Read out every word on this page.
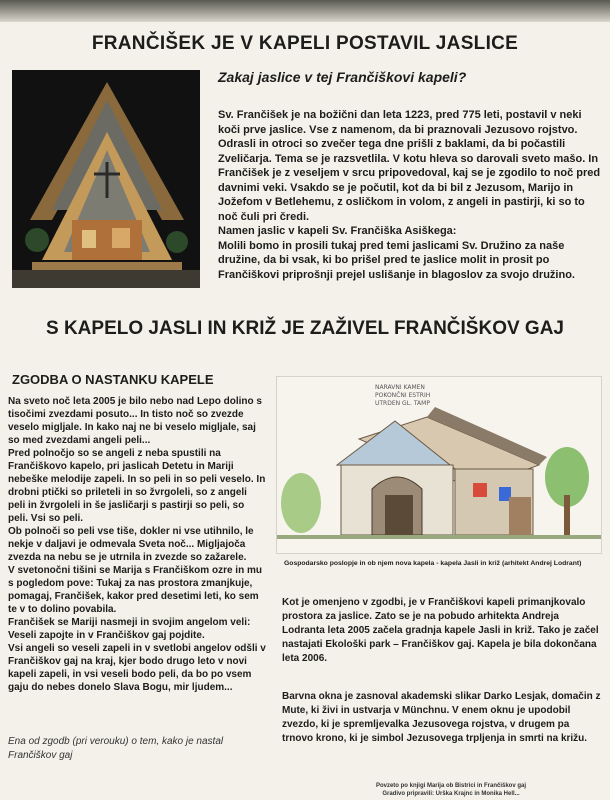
FRANČIŠEK JE V KAPELI POSTAVIL JASLICE
Zakaj jaslice v tej Frančiškovi kapeli?

Sv. Frančišek je na božični dan leta 1223, pred 775 leti, postavil v neki koči prve jaslice. Vse z namenom, da bi praznovali Jezusovo rojstvo. Odrasli in otroci so zvečer tega dne prišli z baklami, da bi počastili Zveličarja. Tema se je razsvetlila. V kotu hleva so darovali sveto mašo. In Frančišek je z veseljem v srcu pripovedoval, kaj se je zgodilo to noč pred davnimi veki. Vsakdo se je počutil, kot da bi bil z Jezusom, Marijo in Jožefom v Betlehemu, z osličkom in volom, z angeli in pastirji, ki so to noč čuli pri čredi.

Namen jaslic v kapeli Sv. Frančiška Asiškega:

Molili bomo in prosili tukaj pred temi jaslicami Sv. Družino za naše družine, da bi vsak, ki bo prišel pred te jaslice molit in prosit po Frančiškovi priprošnji prejel uslišanje in blagoslov za svojo družino.

S KAPELO JASLI IN KRIŽ JE ZAŽIVEL FRANČIŠKOV GAJ
ZGODBA O NASTANKU KAPELE

Na sveto noč leta 2005 je bilo nebo nad Lepo dolino s tisočimi zvezdami posuto... In tisto noč so zvezde veselo migljale. In kako naj ne bi veselo migljale, saj so med zvezdami angeli peli...

Pred polnočjo so se angeli z neba spustili na Frančiškovo kapelo, pri jaslicah Detetu in Mariji nebeške melodije zapeli. In so peli in so peli veselo. In drobni ptički so prileteli in so žvrgoleli, so z angeli peli in žvrgoleli in še jasličarji s pastirji so peli, so peli. Vsi so peli.

Ob polnoči so peli vse tiše, dokler ni vse utihnilo, le nekje v daljavi je odmevala Sveta noč... Migljajoča zvezda na nebu se je utrnila in zvezde so zažarele.

V svetonočni tišini se Marija s Frančiškom ozre in mu s pogledom pove: Tukaj za nas prostora zmanjkuje, pomagaj, Frančišek, kakor pred desetimi leti, ko sem te v to dolino povabila.

Frančišek se Mariji nasmeji in svojim angelom veli: Veseli zapojte in v Frančiškov gaj pojdite.

Vsi angeli so veseli zapeli in v svetlobi angelov odšli v Frančiškov gaj na kraj, kjer bodo drugo leto v novi kapeli zapeli, in vsi veseli bodo peli, da bo po vsem gaju do nebes donelo Slava Bogu, mir ljudem...

Ena od zgodb (pri verouku) o tem, kako je nastal Frančiškov gaj
NARAVNI KAMEN
POKONČNI ESTRIH
UTRDEN GL. TAMP
Gospodarsko poslopje in ob njem nova kapela - kapela Jasli in križ (arhitekt Andrej Lodrant)

Kot je omenjeno v zgodbi, je v Frančiškovi kapeli primanjkovalo prostora za jaslice. Zato se je na pobudo arhitekta Andreja Lodranta leta 2005 začela gradnja kapele Jasli in križ. Tako je začel nastajati Ekološki park – Frančiškov gaj. Kapela je bila dokončana leta 2006.

Barvna okna je zasnoval akademski slikar Darko Lesjak, domačin z Mute, ki živi in ustvarja v Münchnu. V enem oknu je upodobil zvezdo, ki je spremljevalka Jezusovega rojstva, v drugem pa trnovo krono, ki je simbol Jezusovega trpljenja in smrti na križu.

Povzeto po knjigi Marija ob Bistrici in Frančiškov gaj
Gradivo pripravili: Urška Krajnc in Monika Hell...
